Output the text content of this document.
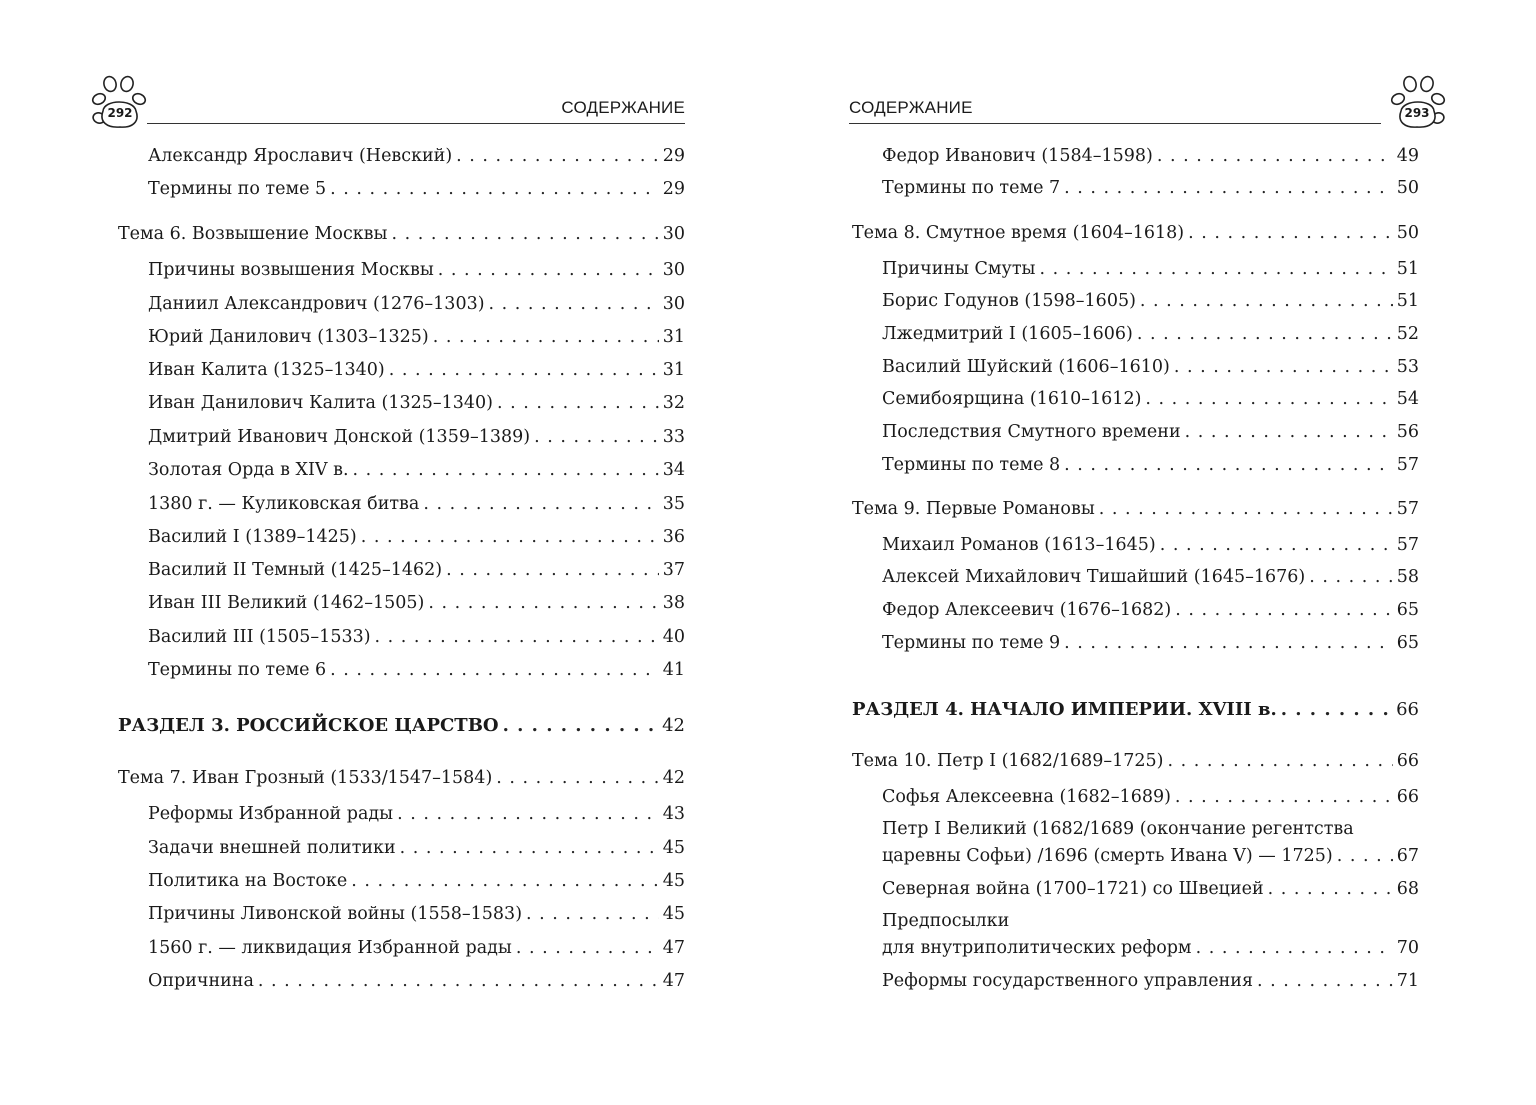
292	СОДЕРЖАНИЕ
Александр Ярославич (Невский) . . .	29
Термины по теме 5 . . .	29
Тема 6. Возвышение Москвы . . .	30
Причины возвышения Москвы . . .	30
Даниил Александрович (1276–1303) . . .	30
Юрий Данилович (1303–1325) . . .	31
Иван Калита (1325–1340) . . .	31
Иван Данилович Калита (1325–1340) . . .	32
Дмитрий Иванович Донской (1359–1389) . . .	33
Золотая Орда в XIV в. . . .	34
1380 г. — Куликовская битва . . .	35
Василий I (1389–1425) . . .	36
Василий II Темный (1425–1462) . . .	37
Иван III Великий (1462–1505) . . .	38
Василий III (1505–1533) . . .	40
Термины по теме 6 . . .	41
РАЗДЕЛ 3. РОССИЙСКОЕ ЦАРСТВО . . .	42
Тема 7. Иван Грозный (1533/1547–1584) . . .	42
Реформы Избранной рады . . .	43
Задачи внешней политики . . .	45
Политика на Востоке . . .	45
Причины Ливонской войны (1558–1583) . . .	45
1560 г. — ликвидация Избранной рады . . .	47
Опричнина . . .	47
293
СОДЕРЖАНИЕ
Федор Иванович (1584–1598) . . .	49
Термины по теме 7 . . .	50
Тема 8. Смутное время (1604–1618) . . .	50
Причины Смуты . . .	51
Борис Годунов (1598–1605) . . .	51
Лжедмитрий I (1605–1606) . . .	52
Василий Шуйский (1606–1610) . . .	53
Семибоярщина (1610–1612) . . .	54
Последствия Смутного времени . . .	56
Термины по теме 8 . . .	57
Тема 9. Первые Романовы . . .	57
Михаил Романов (1613–1645) . . .	57
Алексей Михайлович Тишайший (1645–1676) . . .	58
Федор Алексеевич (1676–1682) . . .	65
Термины по теме 9 . . .	65
РАЗДЕЛ 4. НАЧАЛО ИМПЕРИИ. XVIII в. . . .	66
Тема 10. Петр I (1682/1689–1725) . . .	66
Софья Алексеевна (1682–1689) . . .	66
Петр I Великий (1682/1689 (окончание регентства
царевны Софьи) /1696 (смерть Ивана V) — 1725) . . .	67
Северная война (1700–1721) со Швецией . . .	68
Предпосылки
для внутриполитических реформ . . .	70
Реформы государственного управления . . .	71
